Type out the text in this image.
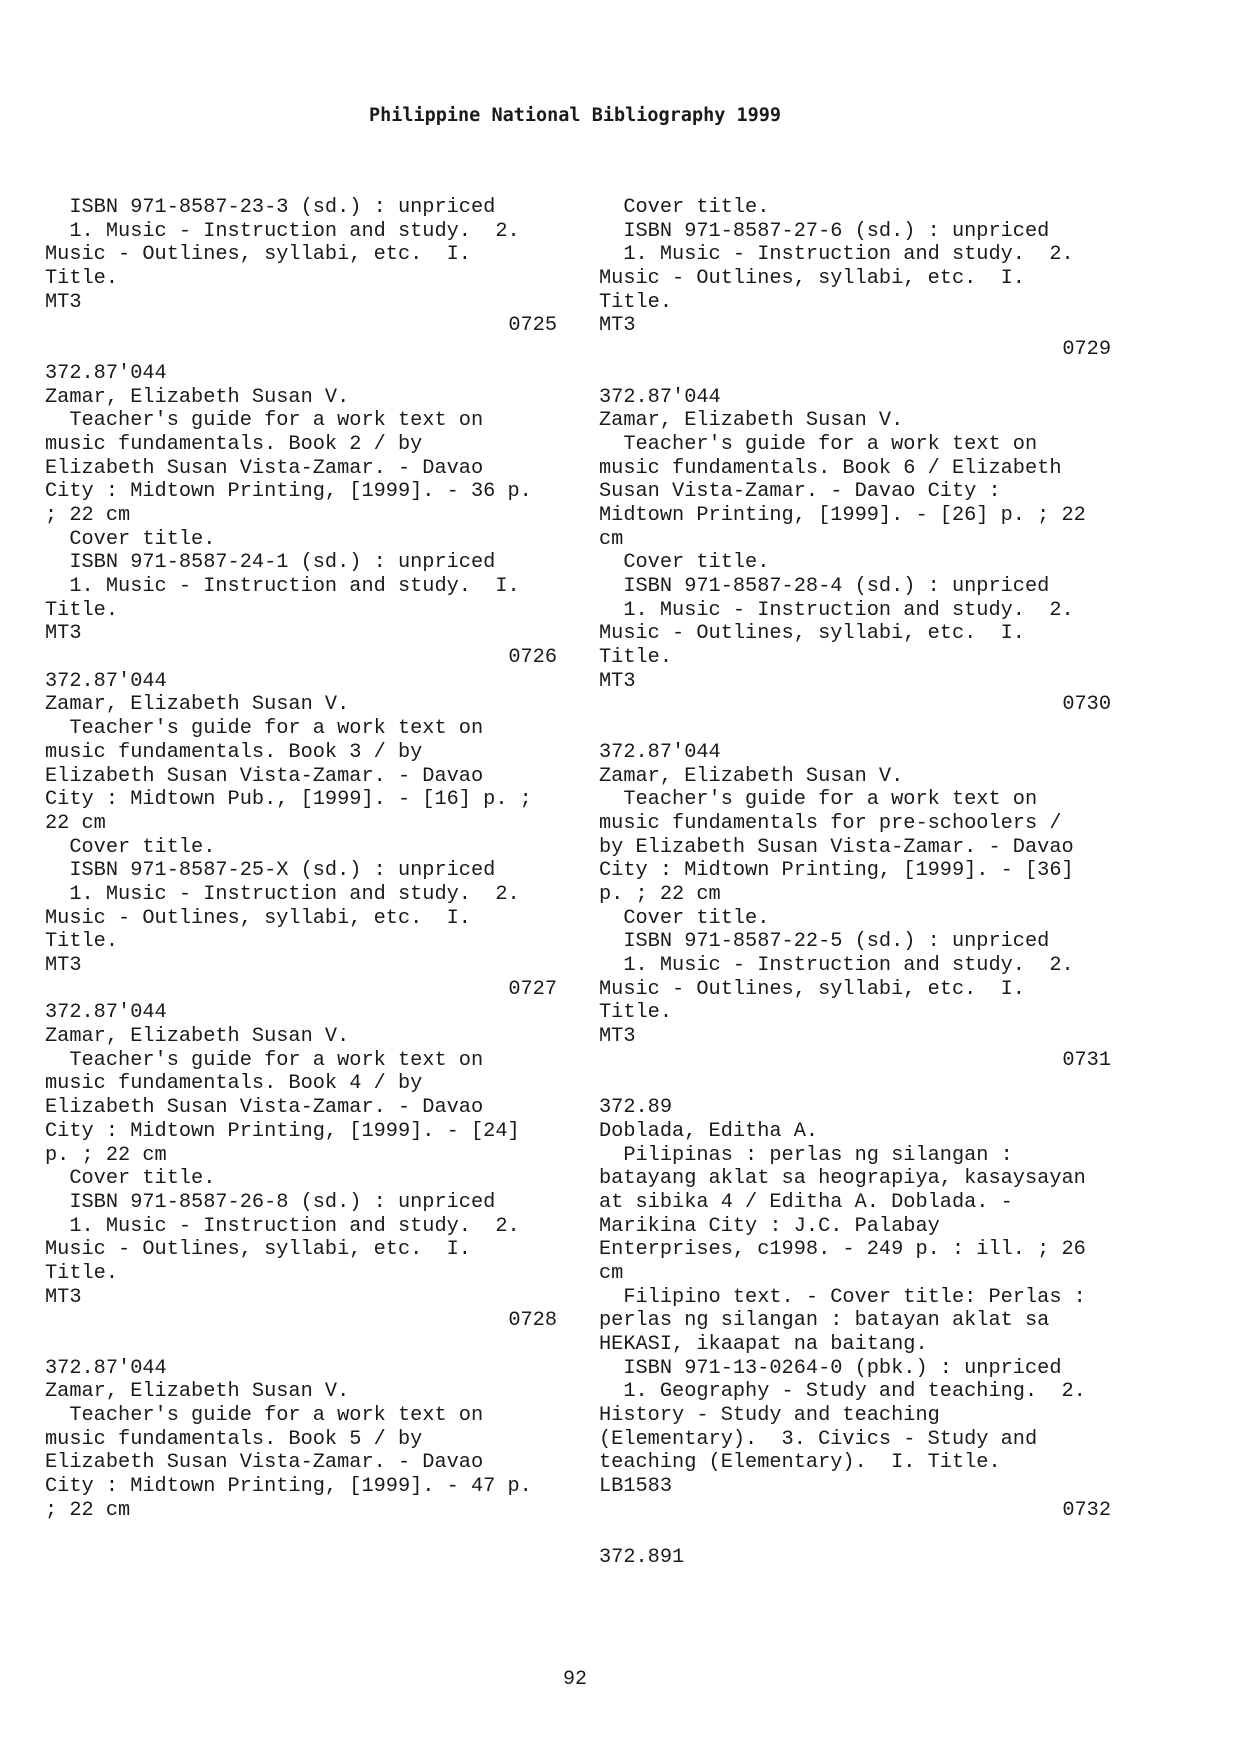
Philippine National Bibliography 1999
ISBN 971-8587-23-3 (sd.) : unpriced
1. Music - Instruction and study.  2.
Music - Outlines, syllabi, etc.  I.
Title.
MT3
0725
372.87'044
Zamar, Elizabeth Susan V.
Teacher's guide for a work text on
music fundamentals. Book 2 / by
Elizabeth Susan Vista-Zamar. - Davao
City : Midtown Printing, [1999]. - 36 p.
; 22 cm
Cover title.
ISBN 971-8587-24-1 (sd.) : unpriced
1. Music - Instruction and study.  I.
Title.
MT3
0726
372.87'044
Zamar, Elizabeth Susan V.
Teacher's guide for a work text on
music fundamentals. Book 3 / by
Elizabeth Susan Vista-Zamar. - Davao
City : Midtown Pub., [1999]. - [16] p. ;
22 cm
Cover title.
ISBN 971-8587-25-X (sd.) : unpriced
1. Music - Instruction and study.  2.
Music - Outlines, syllabi, etc.  I.
Title.
MT3
0727
372.87'044
Zamar, Elizabeth Susan V.
Teacher's guide for a work text on
music fundamentals. Book 4 / by
Elizabeth Susan Vista-Zamar. - Davao
City : Midtown Printing, [1999]. - [24]
p. ; 22 cm
Cover title.
ISBN 971-8587-26-8 (sd.) : unpriced
1. Music - Instruction and study.  2.
Music - Outlines, syllabi, etc.  I.
Title.
MT3
0728
372.87'044
Zamar, Elizabeth Susan V.
Teacher's guide for a work text on
music fundamentals. Book 5 / by
Elizabeth Susan Vista-Zamar. - Davao
City : Midtown Printing, [1999]. - 47 p.
; 22 cm
Cover title.
ISBN 971-8587-27-6 (sd.) : unpriced
1. Music - Instruction and study.  2.
Music - Outlines, syllabi, etc.  I.
Title.
MT3
0729
372.87'044
Zamar, Elizabeth Susan V.
Teacher's guide for a work text on
music fundamentals. Book 6 / Elizabeth
Susan Vista-Zamar. - Davao City :
Midtown Printing, [1999]. - [26] p. ; 22
cm
Cover title.
ISBN 971-8587-28-4 (sd.) : unpriced
1. Music - Instruction and study.  2.
Music - Outlines, syllabi, etc.  I.
Title.
MT3
0730
372.87'044
Zamar, Elizabeth Susan V.
Teacher's guide for a work text on
music fundamentals for pre-schoolers /
by Elizabeth Susan Vista-Zamar. - Davao
City : Midtown Printing, [1999]. - [36]
p. ; 22 cm
Cover title.
ISBN 971-8587-22-5 (sd.) : unpriced
1. Music - Instruction and study.  2.
Music - Outlines, syllabi, etc.  I.
Title.
MT3
0731
372.89
Doblada, Editha A.
Pilipinas : perlas ng silangan :
batayang aklat sa heograpiya, kasaysayan
at sibika 4 / Editha A. Doblada. -
Marikina City : J.C. Palabay
Enterprises, c1998. - 249 p. : ill. ; 26
cm
Filipino text. - Cover title: Perlas :
perlas ng silangan : batayan aklat sa
HEKASI, ikaapat na baitang.
ISBN 971-13-0264-0 (pbk.) : unpriced
1. Geography - Study and teaching.  2.
History - Study and teaching
(Elementary).  3. Civics - Study and
teaching (Elementary).  I. Title.
LB1583
0732
372.891
92
